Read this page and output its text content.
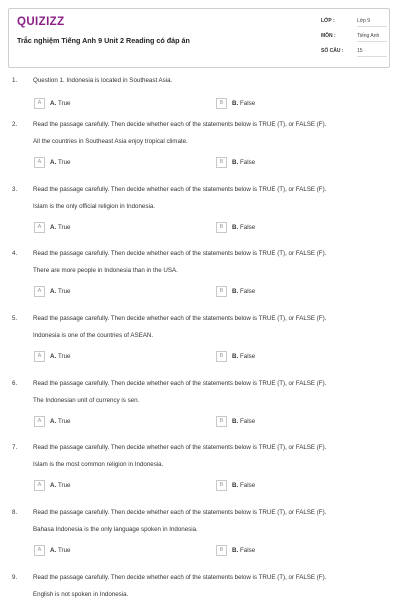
QUIZIZZ
Trắc nghiệm Tiếng Anh 9 Unit 2 Reading có đáp án
LỚP :	Lớp 9
MÔN :	Tiếng Anh
SỐ CÂU :	15
1.	Question 1. Indonesia is located in Southeast Asia.
A	A. True	B	B. False
2.	Read the passage carefully. Then decide whether each of the statements below is TRUE (T), or FALSE (F).
All the countries in Southeast Asia enjoy tropical climate.
A	A. True	B	B. False
3.	Read the passage carefully. Then decide whether each of the statements below is TRUE (T), or FALSE (F).
Islam is the only official religion in Indonesia.
A	A. True	B	B. False
4.	Read the passage carefully. Then decide whether each of the statements below is TRUE (T), or FALSE (F).
There are more people in Indonesia than in the USA.
A	A. True	B	B. False
5.	Read the passage carefully. Then decide whether each of the statements below is TRUE (T), or FALSE (F).
Indonesia is one of the countries of ASEAN.
A	A. True	B	B. False
6.	Read the passage carefully. Then decide whether each of the statements below is TRUE (T), or FALSE (F).
The Indonesian unit of currency is sen.
A	A. True	B	B. False
7.	Read the passage carefully. Then decide whether each of the statements below is TRUE (T), or FALSE (F).
Islam is the most common religion in Indonesia.
A	A. True	B	B. False
8.	Read the passage carefully. Then decide whether each of the statements below is TRUE (T), or FALSE (F).
Bahasa Indonesia is the only language spoken in Indonesia.
A	A. True	B	B. False
9.	Read the passage carefully. Then decide whether each of the statements below is TRUE (T), or FALSE (F).
English is not spoken in Indonesia.
